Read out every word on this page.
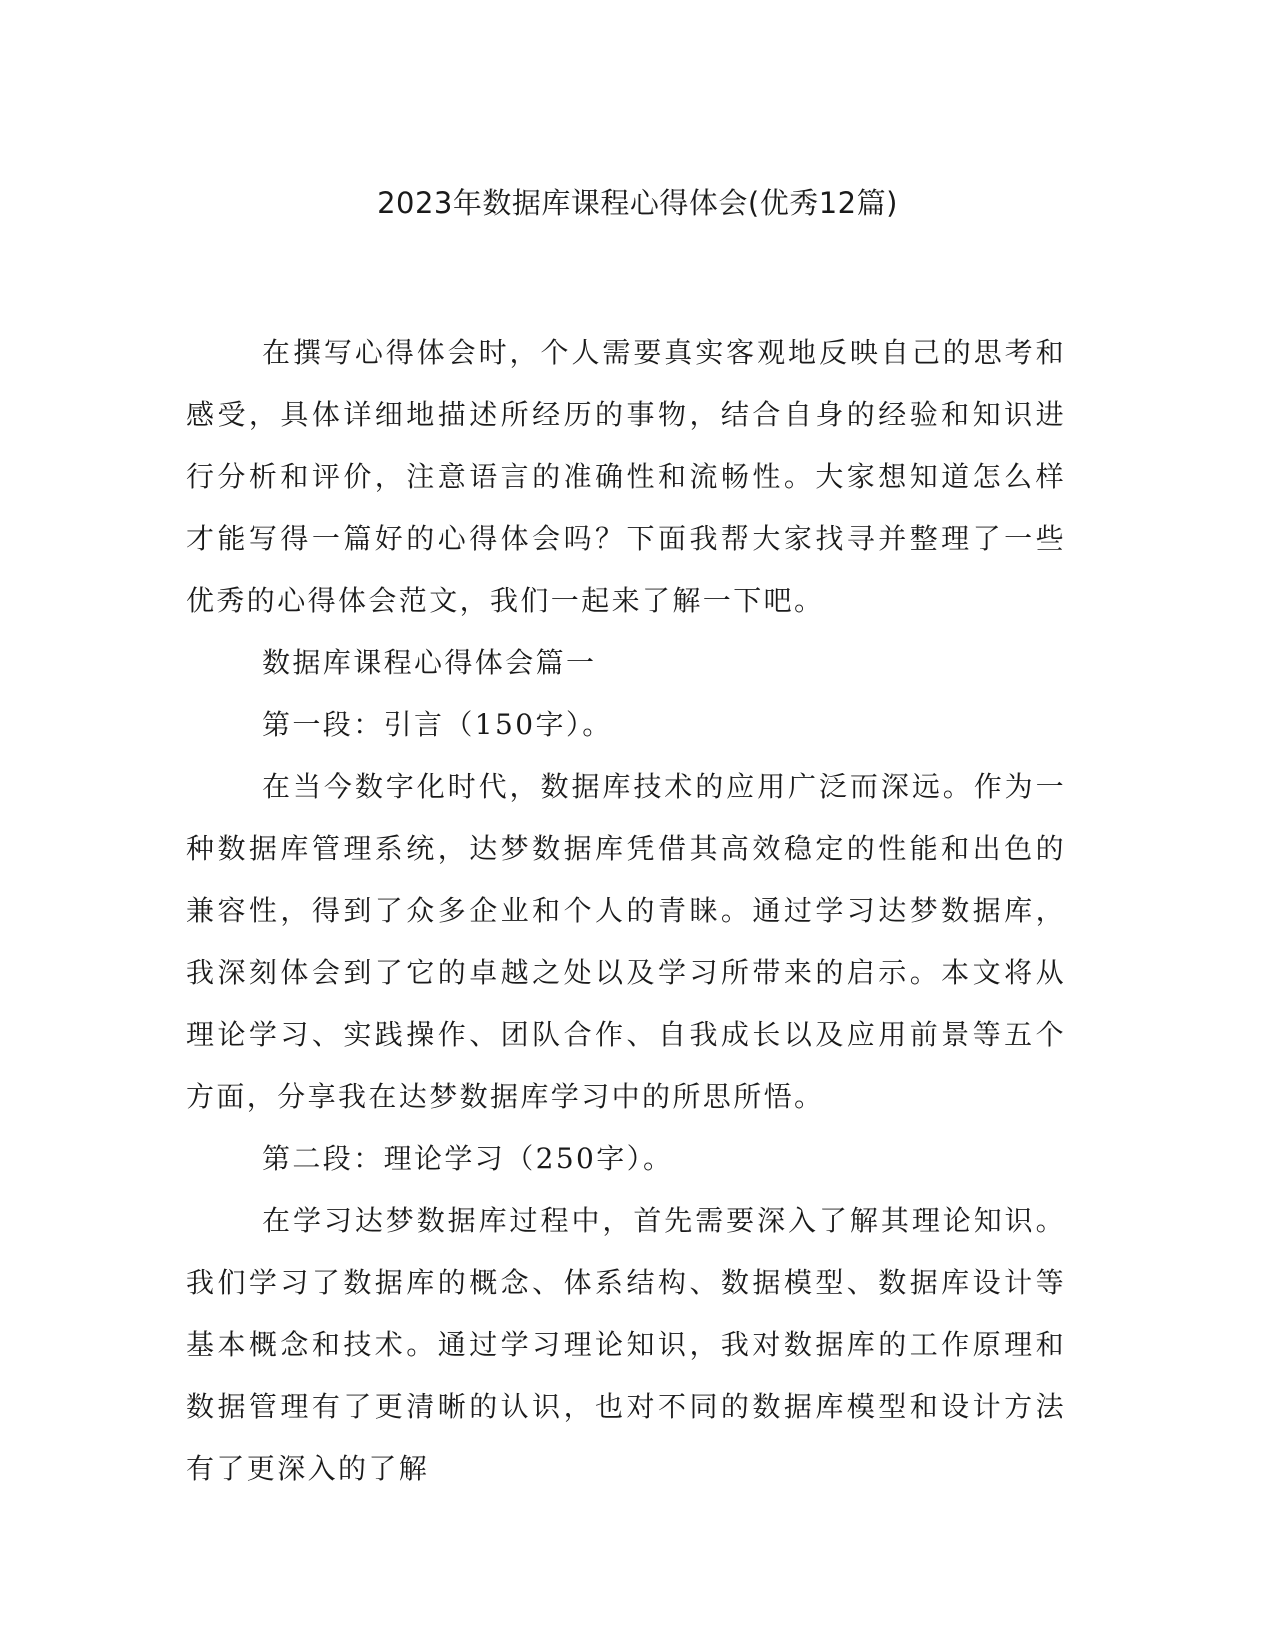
2023年数据库课程心得体会(优秀12篇)

在撰写心得体会时，个人需要真实客观地反映自己的思考和感受，具体详细地描述所经历的事物，结合自身的经验和知识进行分析和评价，注意语言的准确性和流畅性。大家想知道怎么样才能写得一篇好的心得体会吗？下面我帮大家找寻并整理了一些优秀的心得体会范文，我们一起来了解一下吧。

数据库课程心得体会篇一

第一段：引言（150字）。

在当今数字化时代，数据库技术的应用广泛而深远。作为一种数据库管理系统，达梦数据库凭借其高效稳定的性能和出色的兼容性，得到了众多企业和个人的青睐。通过学习达梦数据库，我深刻体会到了它的卓越之处以及学习所带来的启示。本文将从理论学习、实践操作、团队合作、自我成长以及应用前景等五个方面，分享我在达梦数据库学习中的所思所悟。

第二段：理论学习（250字）。

在学习达梦数据库过程中，首先需要深入了解其理论知识。我们学习了数据库的概念、体系结构、数据模型、数据库设计等基本概念和技术。通过学习理论知识，我对数据库的工作原理和数据管理有了更清晰的认识，也对不同的数据库模型和设计方法有了更深入的了解
